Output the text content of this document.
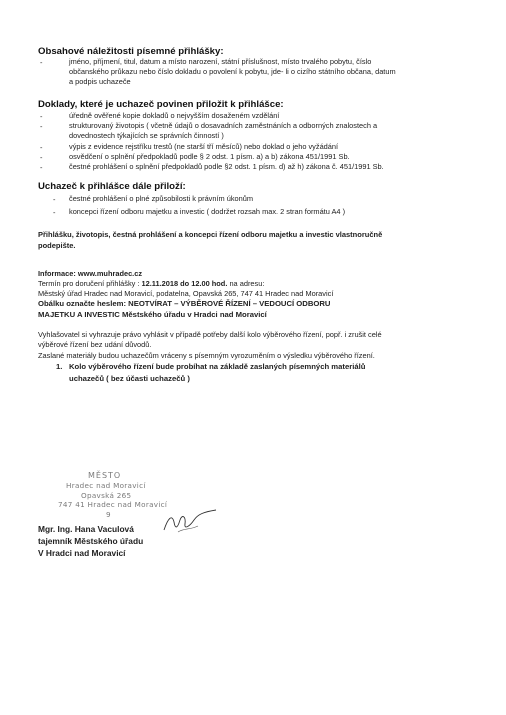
Obsahové náležitosti písemné přihlášky:
-	jméno, příjmení, titul, datum a místo narození, státní příslušnost, místo trvalého pobytu, číslo
občanského průkazu nebo číslo dokladu o povolení k pobytu, jde- li o cizího státního občana, datum
a podpis uchazeče
Doklady, které je uchazeč povinen přiložit k přihlášce:
-	úředně ověřené kopie dokladů o nejvyšším dosaženém vzdělání
-	strukturovaný životopis ( včetně údajů o dosavadních zaměstnáních a odborných znalostech a
dovednostech týkajících se správních činností )
-	výpis z evidence rejstříku trestů (ne starší tří měsíců) nebo doklad o jeho vyžádání
-	osvědčení o splnění předpokladů podle § 2 odst. 1 písm. a) a b) zákona 451/1991 Sb.
-	čestné prohlášení o splnění předpokladů podle §2 odst. 1 písm. d) až h) zákona č. 451/1991 Sb.
Uchazeč k přihlášce dále přiloží:
- čestné prohlášení o plné způsobilosti k právním úkonům
- koncepci řízení odboru majetku a investic ( dodržet rozsah max. 2 stran formátu A4 )
Přihlášku, životopis, čestná prohlášení a koncepci řízení odboru majetku a investic vlastnoručně
podepište.
Informace: www.muhradec.cz
Termín pro doručení přihlášky : 12.11.2018 do 12.00 hod. na adresu:
Městský úřad Hradec nad Moravicí, podatelna, Opavská 265, 747 41 Hradec nad Moravicí
Obálku označte heslem: NEOTVÍRAT – VÝBĚROVÉ ŘÍZENÍ – VEDOUCÍ ODBORU
MAJETKU A INVESTIC Městského úřadu v Hradci nad Moravicí
Vyhlašovatel si vyhrazuje právo vyhlásit v případě potřeby další kolo výběrového řízení, popř. i zrušit celé
výběrové řízení bez udání důvodů.
Zaslané materiály budou uchazečům vráceny s písemným vyrozuměním o výsledku výběrového řízení.
1. Kolo výběrového řízení bude probíhat na základě zaslaných písemných materiálů
uchazečů ( bez účasti uchazečů )
MĚSTO
Hradec nad Moravicí
Opavská 265
747 41 Hradec nad Moravicí
9
Mgr. Ing. Hana Vaculová
tajemník Městského úřadu
V Hradci nad Moravicí
